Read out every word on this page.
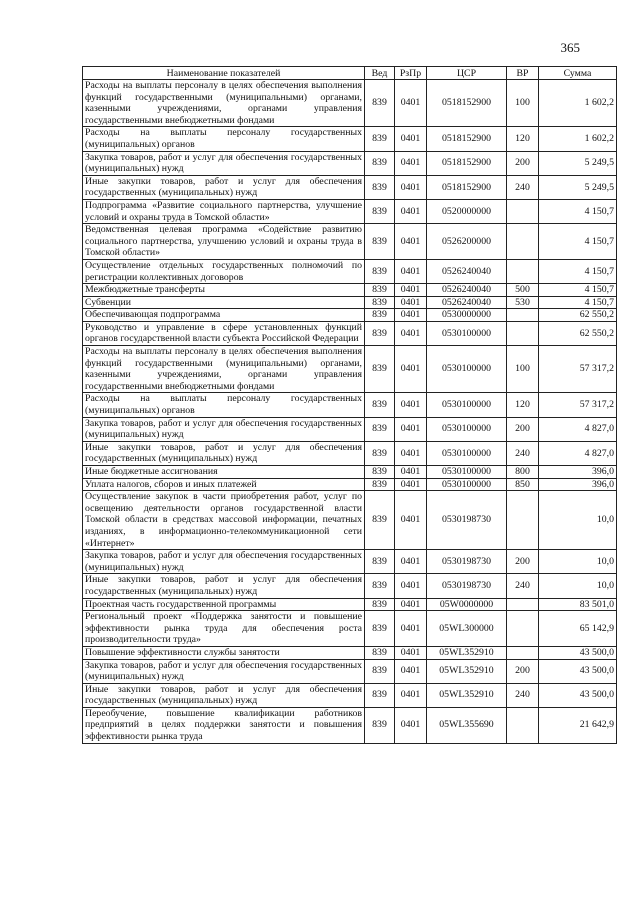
365
Наименование показателей	Вед	РзПр	ЦСР	ВР	Сумма
Расходы на выплаты персоналу в целях обеспечения выполнения функций государственными (муниципальными) органами, казенными учреждениями, органами управления государственными внебюджетными фондами	839	0401	0518152900	100	1 602,2
Расходы на выплаты персоналу государственных (муниципальных) органов	839	0401	0518152900	120	1 602,2
Закупка товаров, работ и услуг для обеспечения государственных (муниципальных) нужд	839	0401	0518152900	200	5 249,5
Иные закупки товаров, работ и услуг для обеспечения государственных (муниципальных) нужд	839	0401	0518152900	240	5 249,5
Подпрограмма «Развитие социального партнерства, улучшение условий и охраны труда в Томской области»	839	0401	0520000000		4 150,7
Ведомственная целевая программа «Содействие развитию социального партнерства, улучшению условий и охраны труда в Томской области»	839	0401	0526200000		4 150,7
Осуществление отдельных государственных полномочий по регистрации коллективных договоров	839	0401	0526240040		4 150,7
Межбюджетные трансферты	839	0401	0526240040	500	4 150,7
Субвенции	839	0401	0526240040	530	4 150,7
Обеспечивающая подпрограмма	839	0401	0530000000		62 550,2
Руководство и управление в сфере установленных функций органов государственной власти субъекта Российской Федерации	839	0401	0530100000		62 550,2
Расходы на выплаты персоналу в целях обеспечения выполнения функций государственными (муниципальными) органами, казенными учреждениями, органами управления государственными внебюджетными фондами	839	0401	0530100000	100	57 317,2
Расходы на выплаты персоналу государственных (муниципальных) органов	839	0401	0530100000	120	57 317,2
Закупка товаров, работ и услуг для обеспечения государственных (муниципальных) нужд	839	0401	0530100000	200	4 827,0
Иные закупки товаров, работ и услуг для обеспечения государственных (муниципальных) нужд	839	0401	0530100000	240	4 827,0
Иные бюджетные ассигнования	839	0401	0530100000	800	396,0
Уплата налогов, сборов и иных платежей	839	0401	0530100000	850	396,0
Осуществление закупок в части приобретения работ, услуг по освещению деятельности органов государственной власти Томской области в средствах массовой информации, печатных изданиях, в информационно-телекоммуникационной сети «Интернет»	839	0401	0530198730		10,0
Закупка товаров, работ и услуг для обеспечения государственных (муниципальных) нужд	839	0401	0530198730	200	10,0
Иные закупки товаров, работ и услуг для обеспечения государственных (муниципальных) нужд	839	0401	0530198730	240	10,0
Проектная часть государственной программы	839	0401	05W0000000		83 501,0
Региональный проект «Поддержка занятости и повышение эффективности рынка труда для обеспечения роста производительности труда»	839	0401	05WL300000		65 142,9
Повышение эффективности службы занятости	839	0401	05WL352910		43 500,0
Закупка товаров, работ и услуг для обеспечения государственных (муниципальных) нужд	839	0401	05WL352910	200	43 500,0
Иные закупки товаров, работ и услуг для обеспечения государственных (муниципальных) нужд	839	0401	05WL352910	240	43 500,0
Переобучение, повышение квалификации работников предприятий в целях поддержки занятости и повышения эффективности рынка труда	839	0401	05WL355690		21 642,9
